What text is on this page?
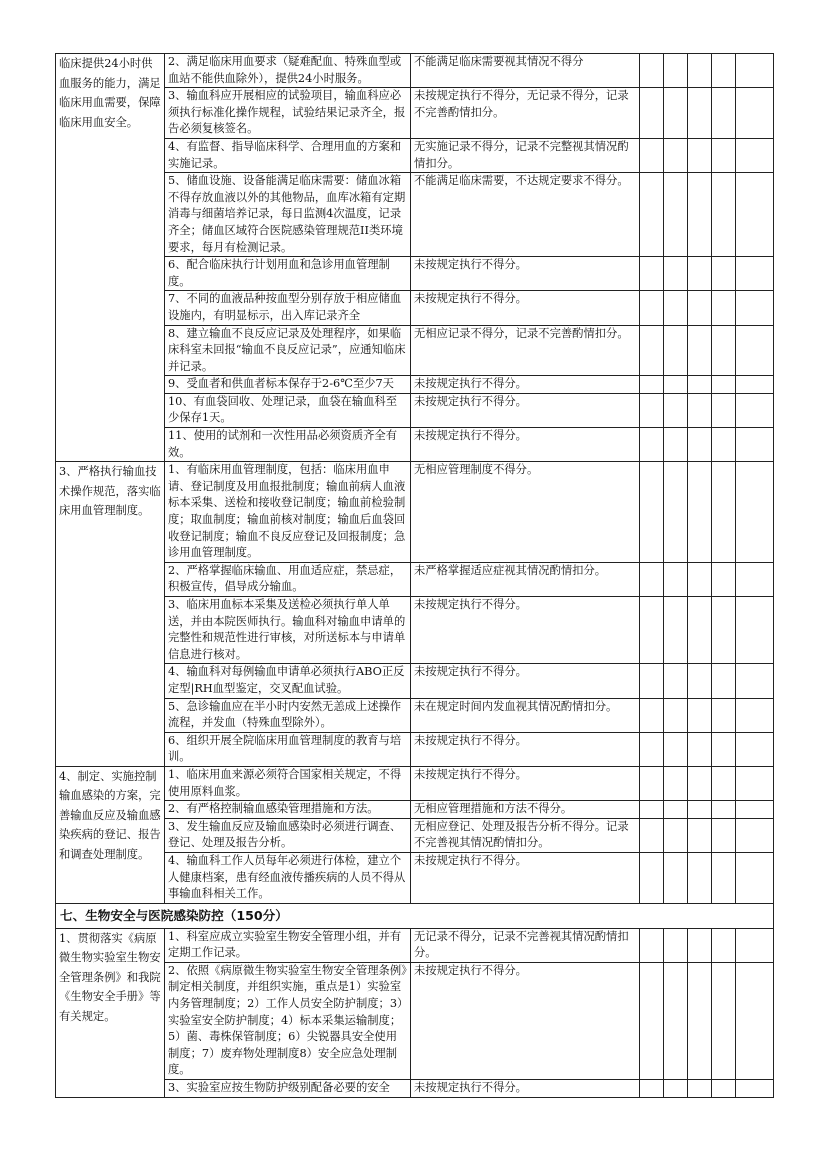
临床提供24小时供血服务的能力，满足临床用血需要，保障临床用血安全。	2、满足临床用血要求（疑难配血、特殊血型或血站不能供血除外），提供24小时服务。	不能满足临床需要视其情况不得分					
	3、输血科应开展相应的试验项目，输血科应必须执行标准化操作规程，试验结果记录齐全，报告必须复核签名。	未按规定执行不得分，无记录不得分，记录不完善酌情扣分。					
	4、有监督、指导临床科学、合理用血的方案和实施记录。	无实施记录不得分，记录不完整视其情况酌情扣分。					
	5、储血设施、设备能满足临床需要：储血冰箱不得存放血液以外的其他物品，血库冰箱有定期消毒与细菌培养记录，每日监测4次温度，记录齐全；储血区域符合医院感染管理规范II类环境要求，每月有检测记录。	不能满足临床需要，不达规定要求不得分。					
	6、配合临床执行计划用血和急诊用血管理制度。	未按规定执行不得分。					
	7、不同的血液品种按血型分别存放于相应储血设施内，有明显标示，出入库记录齐全	未按规定执行不得分。					
	8、建立输血不良反应记录及处理程序，如果临床科室未回报“输血不良反应记录”，应通知临床并记录。	无相应记录不得分，记录不完善酌情扣分。					
	9、受血者和供血者标本保存于2-6℃至少7天	未按规定执行不得分。					
	10、有血袋回收、处理记录，血袋在输血科至少保存1天。	未按规定执行不得分。					
	11、使用的试剂和一次性用品必须资质齐全有效。	未按规定执行不得分。					
3、严格执行输血技术操作规范，落实临床用血管理制度。	1、有临床用血管理制度，包括：临床用血申请、登记制度及用血报批制度；输血前病人血液标本采集、送检和接收登记制度；输血前检验制度；取血制度；输血前核对制度；输血后血袋回收登记制度；输血不良反应登记及回报制度；急诊用血管理制度。	无相应管理制度不得分。					
	2、严格掌握临床输血、用血适应症，禁忌症，积极宣传，倡导成分输血。	未严格掌握适应症视其情况酌情扣分。					
	3、临床用血标本采集及送检必须执行单人单送，并由本院医师执行。输血科对输血申请单的完整性和规范性进行审核，对所送标本与申请单信息进行核对。	未按规定执行不得分。					
	4、输血科对每例输血申请单必须执行ABO正反定型|RH血型鉴定，交叉配血试验。	未按规定执行不得分。					
	5、急诊输血应在半小时内安然无恙成上述操作流程，并发血（特殊血型除外）。	未在规定时间内发血视其情况酌情扣分。					
	6、组织开展全院临床用血管理制度的教育与培训。	未按规定执行不得分。					
4、制定、实施控制输血感染的方案，完善输血反应及输血感染疾病的登记、报告和调查处理制度。	1、临床用血来源必须符合国家相关规定，不得使用原料血浆。	未按规定执行不得分。					
	2、有严格控制输血感染管理措施和方法。	无相应管理措施和方法不得分。					
	3、发生输血反应及输血感染时必须进行调查、登记、处理及报告分析。	无相应登记、处理及报告分析不得分。记录不完善视其情况酌情扣分。					
	4、输血科工作人员每年必须进行体检，建立个人健康档案，患有经血液传播疾病的人员不得从事输血科相关工作。	未按规定执行不得分。					
七、生物安全与医院感染防控（150分）							
1、贯彻落实《病原微生物实验室生物安全管理条例》和我院《生物安全手册》等有关规定。	1、科室应成立实验室生物安全管理小组，并有定期工作记录。	无记录不得分，记录不完善视其情况酌情扣分。					
	2、依照《病原微生物实验室生物安全管理条例》制定相关制度，并组织实施，重点是1）实验室内务管理制度；2）工作人员安全防护制度；3）实验室安全防护制度；4）标本采集运输制度；5）菌、毒株保管制度；6）尖锐器具安全使用制度；7）废弃物处理制度8）安全应急处理制度。	未按规定执行不得分。					
	3、实验室应按生物防护级别配备必要的安全	未按规定执行不得分。					
